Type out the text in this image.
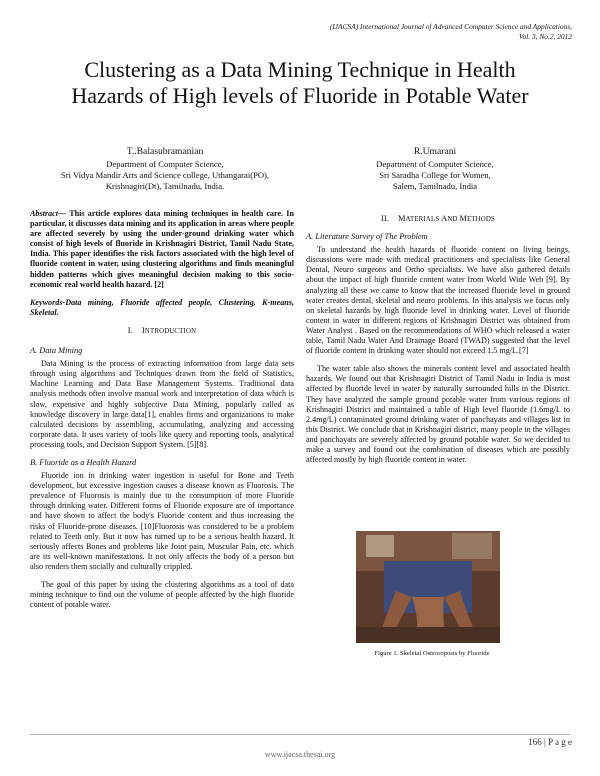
(IJACSA) International Journal of Advanced Computer Science and Applications,
Vol. 3, No.2, 2012
Clustering as a Data Mining Technique in Health
Hazards of High levels of Fluoride in Potable Water
T..Balasubramanian
Department of Computer Science,
Sri Vidya Mandir Arts and Science college, Uthangarai(PO),
Krishnagiri(Dt), Tamilnadu, India.
R.Umarani
Department of Computer Science,
Sri Saradha College for Women,
Salem, Tamilnadu, India

Abstract— This article explores data mining techniques in health care. In particular, it discusses data mining and its application in areas where people are affected severely by using the under-ground drinking water which consist of high levels of fluoride in Krishnagiri District, Tamil Nadu State, India. This paper identifies the risk factors associated with the high level of fluoride content in water, using clustering algorithms and finds meaningful hidden patterns which gives meaningful decision making to this socio-economic real world health hazard. [2]

Keywords-Data mining, Fluoride affected people, Clustering, K-means, Skeletal.

I. INTRODUCTION

A. Data Mining

Data Mining is the process of extracting information from large data sets through using algorithms and Techniques drawn from the field of Statistics, Machine Learning and Data Base Management Systems. Traditional data analysis methods often involve manual work and interpretation of data which is slow, expensive and highly subjective Data Mining, popularly called as knowledge discovery in large data[1], enables firms and organizations to make calculated decisions by assembling, accumulating, analyzing and accessing corporate data. It uses variety of tools like query and reporting tools, analytical processing tools, and Decision Support System. [5][8].

B. Fluoride as a Health Hazard

Fluoride ion in drinking water ingestion is useful for Bone and Teeth development, but excessive ingestion causes a disease known as Fluorosis. The prevalence of Fluorosis is mainly due to the consumption of more Fluoride through drinking water. Different forms of Fluoride exposure are of importance and have shown to affect the body's Fluoride content and thus increasing the risks of Fluoride-prone diseases. [10]Fluorosis was considered to be a problem related to Teeth only. But it now has turned up to be a serious health hazard. It seriously affects Bones and problems like Joint pain, Muscular Pain, etc. which are its well-known manifestations. It not only affects the body of a person but also renders them socially and culturally crippled.

The goal of this paper by using the clustering algorithms as a tool of data mining technique to find out the volume of people affected by the high fluoride content of potable water.

II. MATERIALS AND METHODS

A. Literature Survey of The Problem

To understand the health hazards of fluoride content on living beings, discussions were made with medical practitioners and specialists like General Dental, Neuro surgeons and Ortho specialists. We have also gathered details about the impact of high fluoride content water from World Wide Web [9]. By analyzing all these we came to know that the increased fluoride level in ground water creates dental, skeletal and neuro problems. In this analysis we focus only on skeletal hazards by high fluoride level in drinking water. Level of fluoride content in water in different regions of Krishnagiri District was obtained from Water Analyst . Based on the recommendations of WHO which released a water table, Tamil Nadu Water And Drainage Board (TWAD) suggested that the level of fluoride content in drinking water should not exceed 1.5 mg/L.[7]

The water table also shows the minerals content level and associated health hazards. We found out that Krishnagiri District of Tamil Nadu in India is most affected by fluoride level in water by naturally surrounded hills in the District. They have analyzed the sample ground potable water from various regions of Krishnagiri District and maintained a table of High level fluoride (1.6mg/L to 2.4mg/L) contaminated ground drinking water of panchayats and villages list in this District. We conclude that in Krishnagiri district, many people in the villages and panchayats are severely affected by ground potable water. So we decided to make a survey and found out the combination of diseases which are possibly affected mostly by high fluoride content in water.

Figure 1. Skeletal Osteoroposis by Fluoride
166 | P a g e
www.ijacsa.thesai.org
